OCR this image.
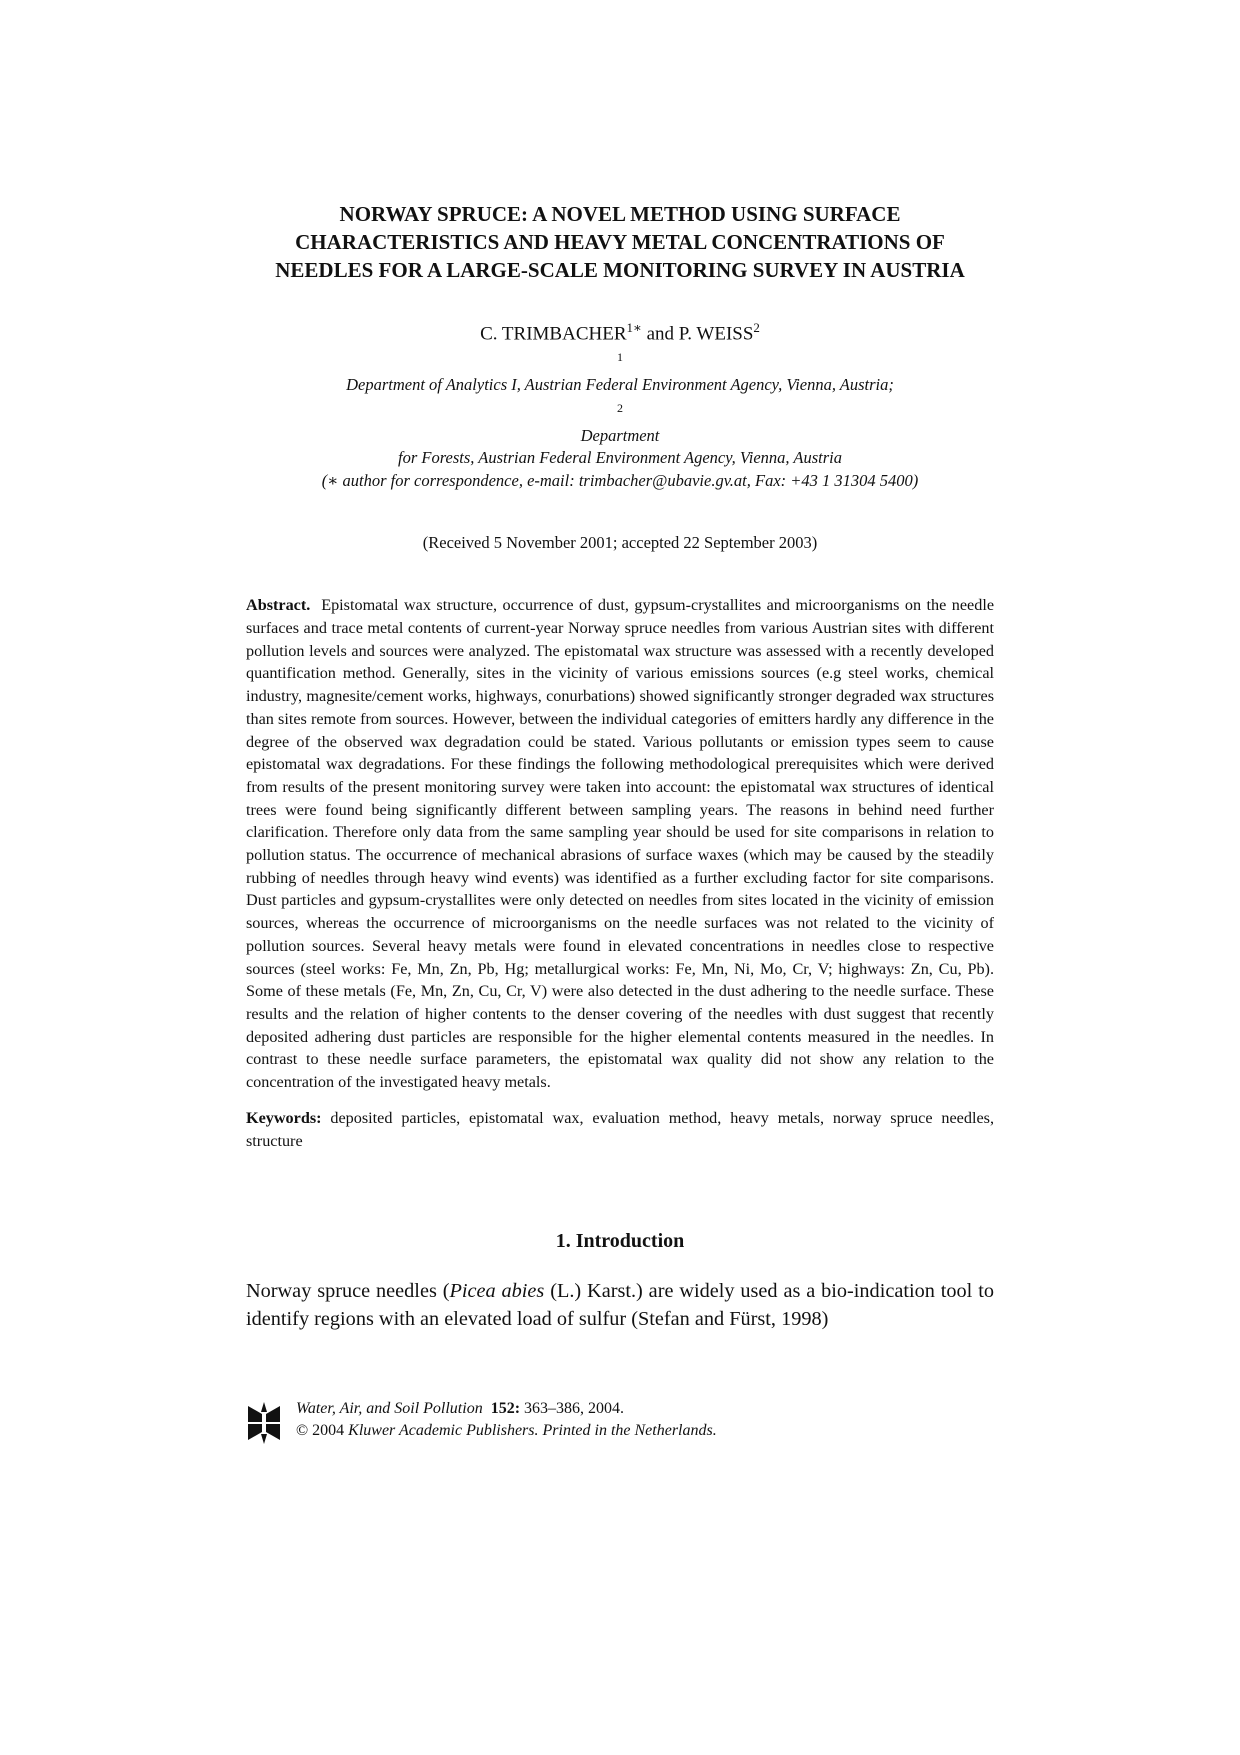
NORWAY SPRUCE: A NOVEL METHOD USING SURFACE
CHARACTERISTICS AND HEAVY METAL CONCENTRATIONS OF
NEEDLES FOR A LARGE-SCALE MONITORING SURVEY IN AUSTRIA
C. $TRIMBACHER^{1∗}$ and P. WEISS$^2$
$^1$
Department of Analytics I, Austrian Federal Environment Agency, Vienna, Austria;
$^2$
Department
for Forests, Austrian Federal Environment Agency, Vienna, Austria
(∗ author for correspondence, e-mail: trimbacher@ubavie.gv.at, Fax: +43 1 31304 5400)
(Received 5 November 2001; accepted 22 September 2003)
Abstract. Epistomatal wax structure, occurrence of dust, gypsum-crystallites and microorganisms on the needle surfaces and trace metal contents of current-year Norway spruce needles from various Austrian sites with different pollution levels and sources were analyzed. The epistomatal wax structure was assessed with a recently developed quantification method. Generally, sites in the vicinity of various emissions sources (e.g steel works, chemical industry, magnesite/cement works, highways, conurbations) showed significantly stronger degraded wax structures than sites remote from sources. However, between the individual categories of emitters hardly any difference in the degree of the observed wax degradation could be stated. Various pollutants or emission types seem to cause epistomatal wax degradations. For these findings the following methodological prerequisites which were derived from results of the present monitoring survey were taken into account: the epistomatal wax structures of identical trees were found being significantly different between sampling years. The reasons in behind need further clarification. Therefore only data from the same sampling year should be used for site comparisons in relation to pollution status. The occurrence of mechanical abrasions of surface waxes (which may be caused by the steadily rubbing of needles through heavy wind events) was identified as a further excluding factor for site comparisons. Dust particles and gypsum-crystallites were only detected on needles from sites located in the vicinity of emission sources, whereas the occurrence of microorganisms on the needle surfaces was not related to the vicinity of pollution sources. Several heavy metals were found in elevated concentrations in needles close to respective sources (steel works: Fe, Mn, Zn, Pb, Hg; metallurgical works: Fe, Mn, Ni, Mo, Cr, V; highways: Zn, Cu, Pb). Some of these metals (Fe, Mn, Zn, Cu, Cr, V) were also detected in the dust adhering to the needle surface. These results and the relation of higher contents to the denser covering of the needles with dust suggest that recently deposited adhering dust particles are responsible for the higher elemental contents measured in the needles. In contrast to these needle surface parameters, the epistomatal wax quality did not show any relation to the concentration of the investigated heavy metals.
Keywords: deposited particles, epistomatal wax, evaluation method, heavy metals, norway spruce needles, structure
1. Introduction
Norway spruce needles (Picea abies (L.) Karst.) are widely used as a bio-indication tool to identify regions with an elevated load of sulfur (Stefan and Fürst, 1998)
Water, Air, and Soil Pollution 152: 363–386, 2004.
© 2004 Kluwer Academic Publishers. Printed in the Netherlands.
